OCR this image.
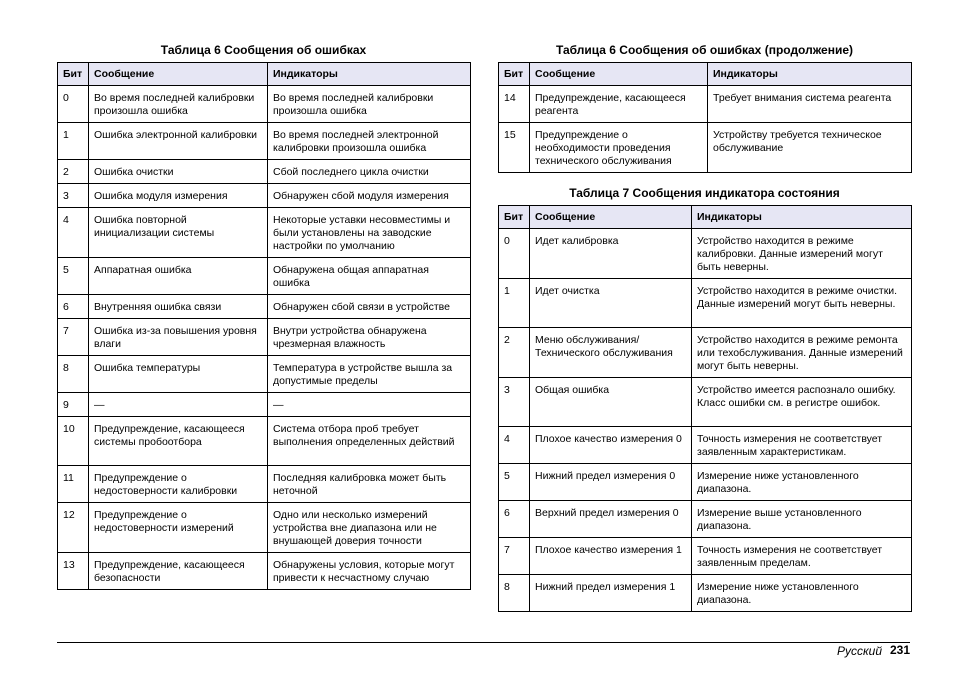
Таблица 6 Сообщения об ошибках
Бит	Сообщение	Индикаторы
0	Во время последней калибровки произошла ошибка	Во время последней калибровки произошла ошибка
1	Ошибка электронной калибровки	Во время последней электронной калибровки произошла ошибка
2	Ошибка очистки	Сбой последнего цикла очистки
3	Ошибка модуля измерения	Обнаружен сбой модуля измерения
4	Ошибка повторной инициализации системы	Некоторые уставки несовместимы и были установлены на заводские настройки по умолчанию
5	Аппаратная ошибка	Обнаружена общая аппаратная ошибка
6	Внутренняя ошибка связи	Обнаружен сбой связи в устройстве
7	Ошибка из-за повышения уровня влаги	Внутри устройства обнаружена чрезмерная влажность
8	Ошибка температуры	Температура в устройстве вышла за допустимые пределы
9	—	—
10	Предупреждение, касающееся системы пробоотбора	Система отбора проб требует выполнения определенных действий
11	Предупреждение о недостоверности калибровки	Последняя калибровка может быть неточной
12	Предупреждение о недостоверности измерений	Одно или несколько измерений устройства вне диапазона или не внушающей доверия точности
13	Предупреждение, касающееся безопасности	Обнаружены условия, которые могут привести к несчастному случаю
Таблица 6 Сообщения об ошибках (продолжение)
Бит	Сообщение	Индикаторы
14	Предупреждение, касающееся реагента	Требует внимания система реагента
15	Предупреждение о необходимости проведения технического обслуживания	Устройству требуется техническое обслуживание
Таблица 7 Сообщения индикатора состояния
Бит	Сообщение	Индикаторы
0	Идет калибровка	Устройство находится в режиме калибровки. Данные измерений могут быть неверны.
1	Идет очистка	Устройство находится в режиме очистки. Данные измерений могут быть неверны.
2	Меню обслуживания/ Технического обслуживания	Устройство находится в режиме ремонта или техобслуживания. Данные измерений могут быть неверны.
3	Общая ошибка	Устройство имеется распознало ошибку. Класс ошибки см. в регистре ошибок.
4	Плохое качество измерения 0	Точность измерения не соответствует заявленным характеристикам.
5	Нижний предел измерения 0	Измерение ниже установленного диапазона.
6	Верхний предел измерения 0	Измерение выше установленного диапазона.
7	Плохое качество измерения 1	Точность измерения не соответствует заявленным пределам.
8	Нижний предел измерения 1	Измерение ниже установленного диапазона.
Русский 231
